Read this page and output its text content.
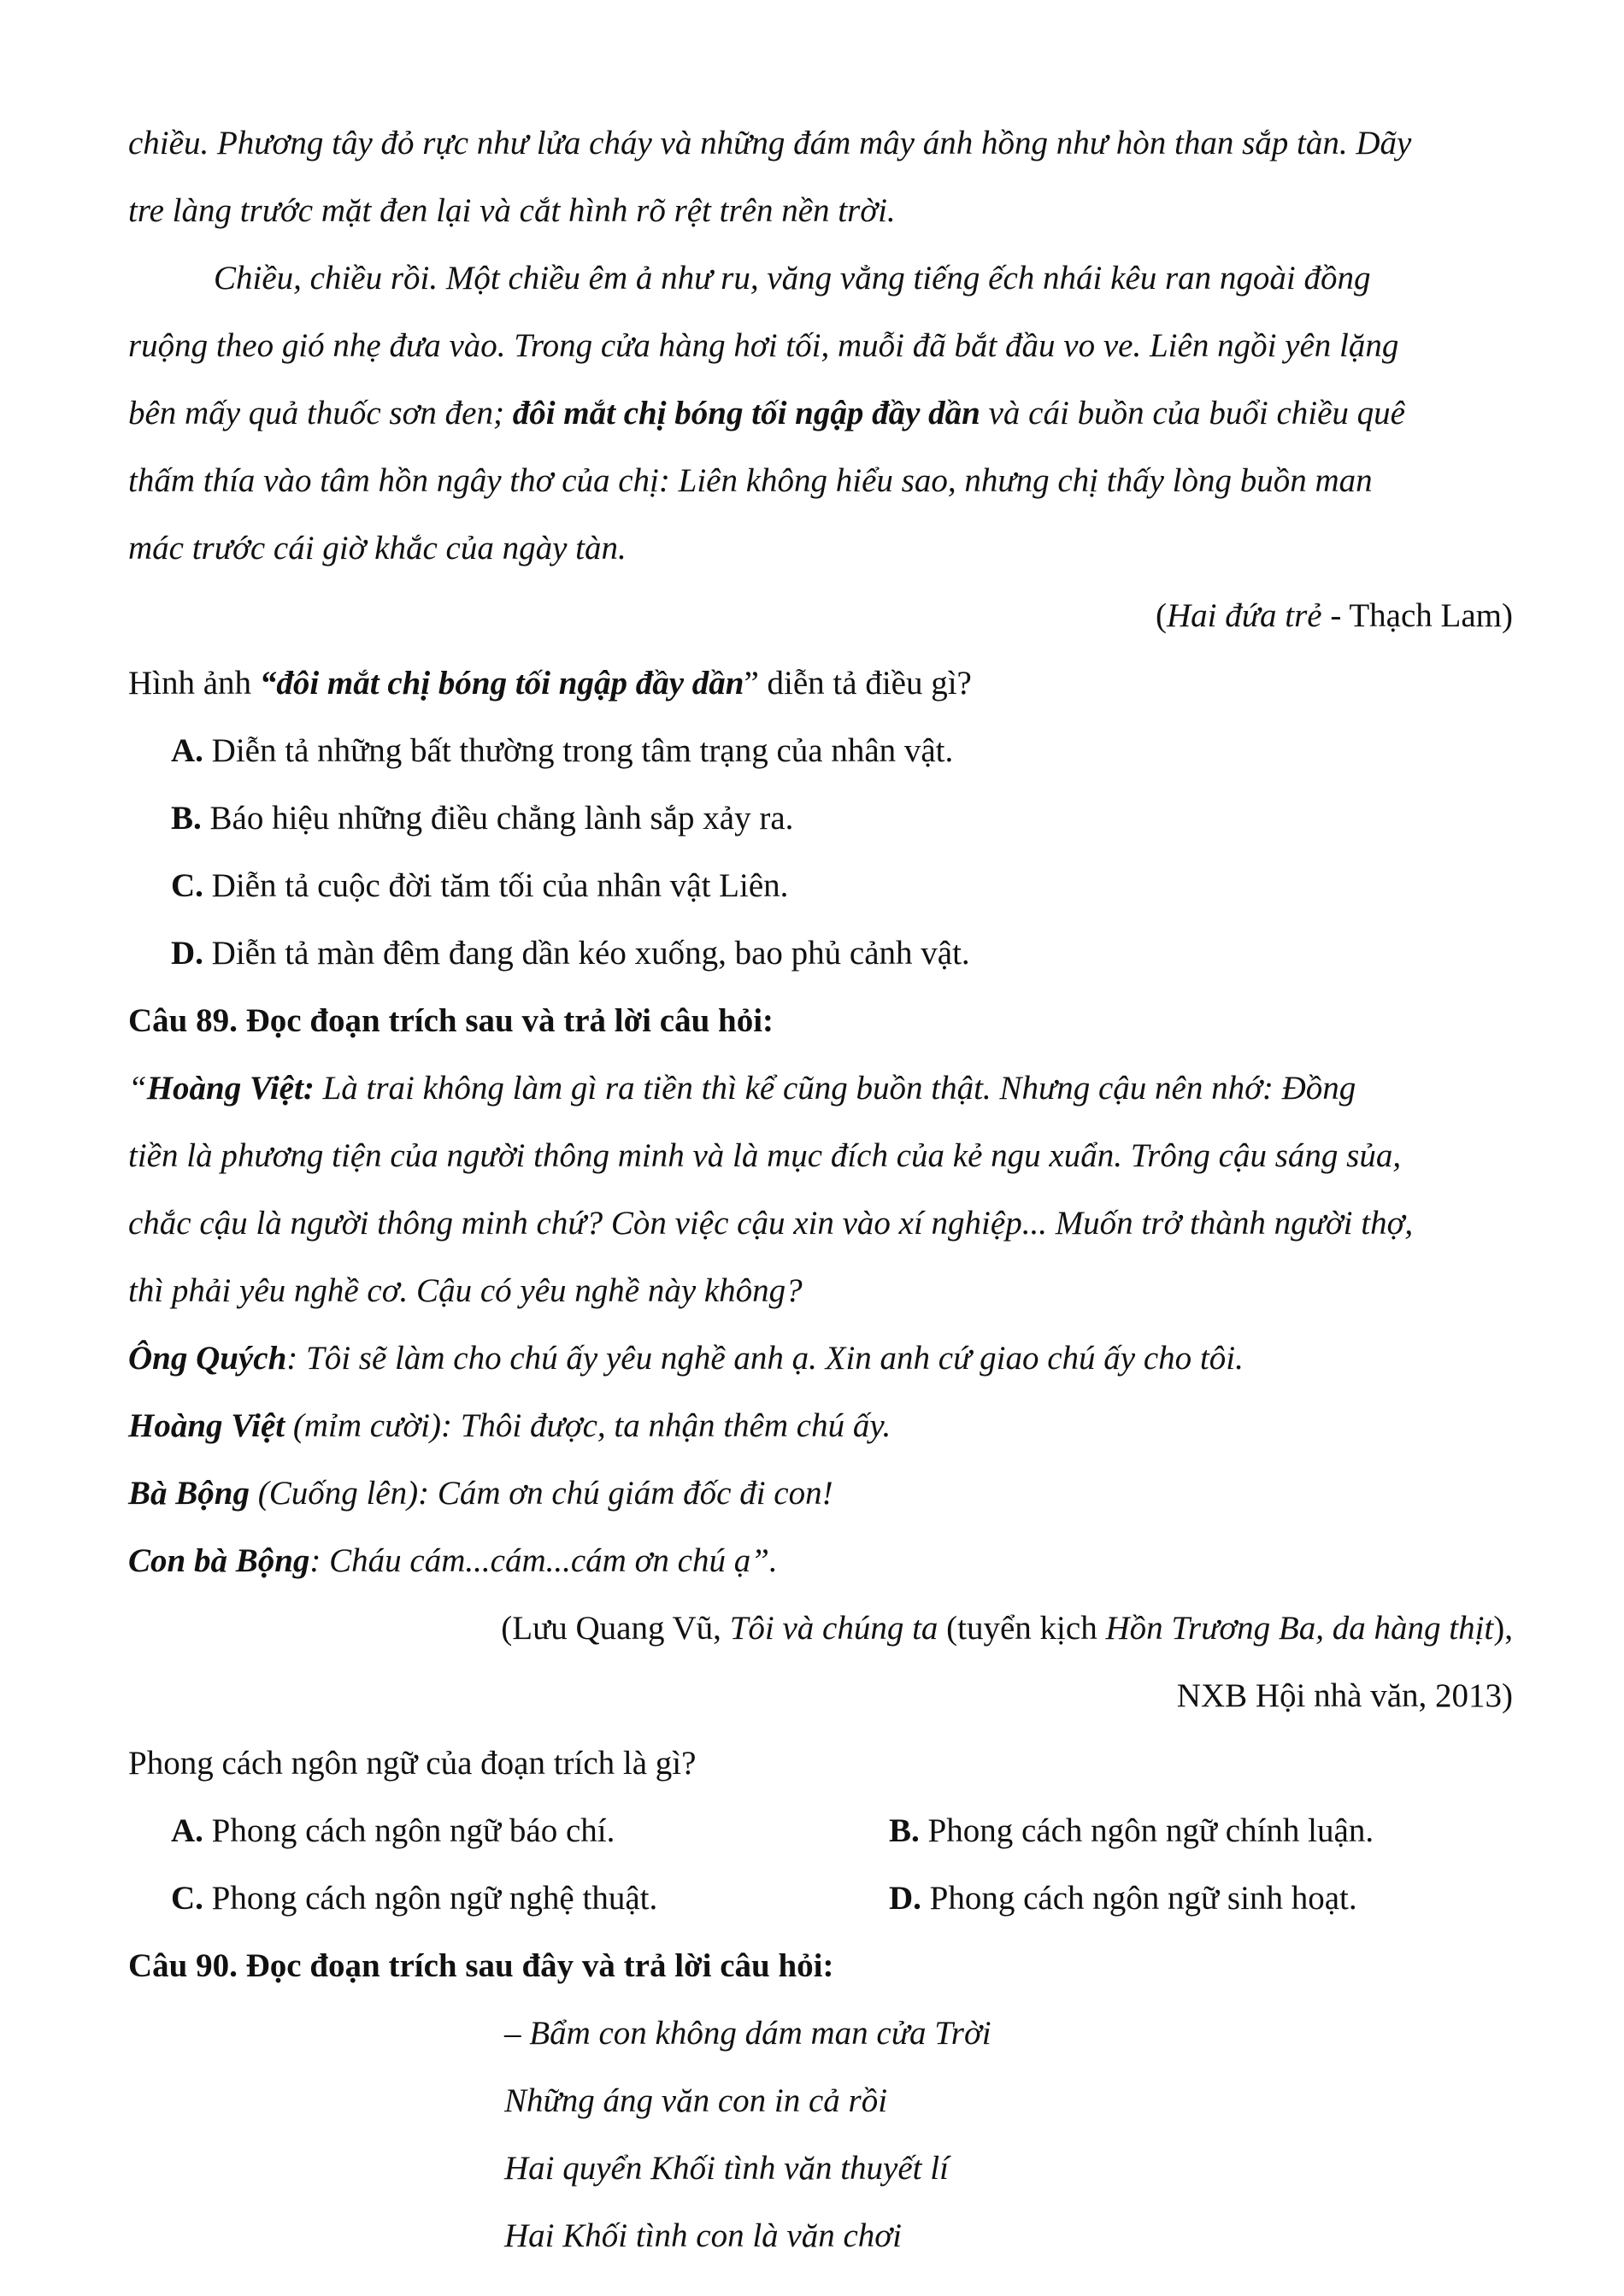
chiều. Phương tây đỏ rực như lửa cháy và những đám mây ánh hồng như hòn than sắp tàn. Dãy
tre làng trước mặt đen lại và cắt hình rõ rệt trên nền trời.
Chiều, chiều rồi. Một chiều êm ả như ru, văng vẳng tiếng ếch nhái kêu ran ngoài đồng
ruộng theo gió nhẹ đưa vào. Trong cửa hàng hơi tối, muỗi đã bắt đầu vo ve. Liên ngồi yên lặng
bên mấy quả thuốc sơn đen; đôi mắt chị bóng tối ngập đầy dần và cái buồn của buổi chiều quê
thấm thía vào tâm hồn ngây thơ của chị: Liên không hiểu sao, nhưng chị thấy lòng buồn man
mác trước cái giờ khắc của ngày tàn.
(Hai đứa trẻ - Thạch Lam)
Hình ảnh “đôi mắt chị bóng tối ngập đầy dần” diễn tả điều gì?
A. Diễn tả những bất thường trong tâm trạng của nhân vật.
B. Báo hiệu những điều chẳng lành sắp xảy ra.
C. Diễn tả cuộc đời tăm tối của nhân vật Liên.
D. Diễn tả màn đêm đang dần kéo xuống, bao phủ cảnh vật.
Câu 89. Đọc đoạn trích sau và trả lời câu hỏi:
“Hoàng Việt: Là trai không làm gì ra tiền thì kể cũng buồn thật. Nhưng cậu nên nhớ: Đồng
tiền là phương tiện của người thông minh và là mục đích của kẻ ngu xuẩn. Trông cậu sáng sủa,
chắc cậu là người thông minh chứ? Còn việc cậu xin vào xí nghiệp... Muốn trở thành người thợ,
thì phải yêu nghề cơ. Cậu có yêu nghề này không?
Ông Quých: Tôi sẽ làm cho chú ấy yêu nghề anh ạ. Xin anh cứ giao chú ấy cho tôi.
Hoàng Việt (mỉm cười): Thôi được, ta nhận thêm chú ấy.
Bà Bộng (Cuống lên): Cám ơn chú giám đốc đi con!
Con bà Bộng: Cháu cám...cám...cám ơn chú ạ”.
(Lưu Quang Vũ, Tôi và chúng ta (tuyển kịch Hồn Trương Ba, da hàng thịt),
NXB Hội nhà văn, 2013)
Phong cách ngôn ngữ của đoạn trích là gì?
A. Phong cách ngôn ngữ báo chí.	B. Phong cách ngôn ngữ chính luận.
C. Phong cách ngôn ngữ nghệ thuật.	D. Phong cách ngôn ngữ sinh hoạt.
Câu 90. Đọc đoạn trích sau đây và trả lời câu hỏi:
– Bẩm con không dám man cửa Trời
Những áng văn con in cả rồi
Hai quyển Khối tình văn thuyết lí
Hai Khối tình con là văn chơi
